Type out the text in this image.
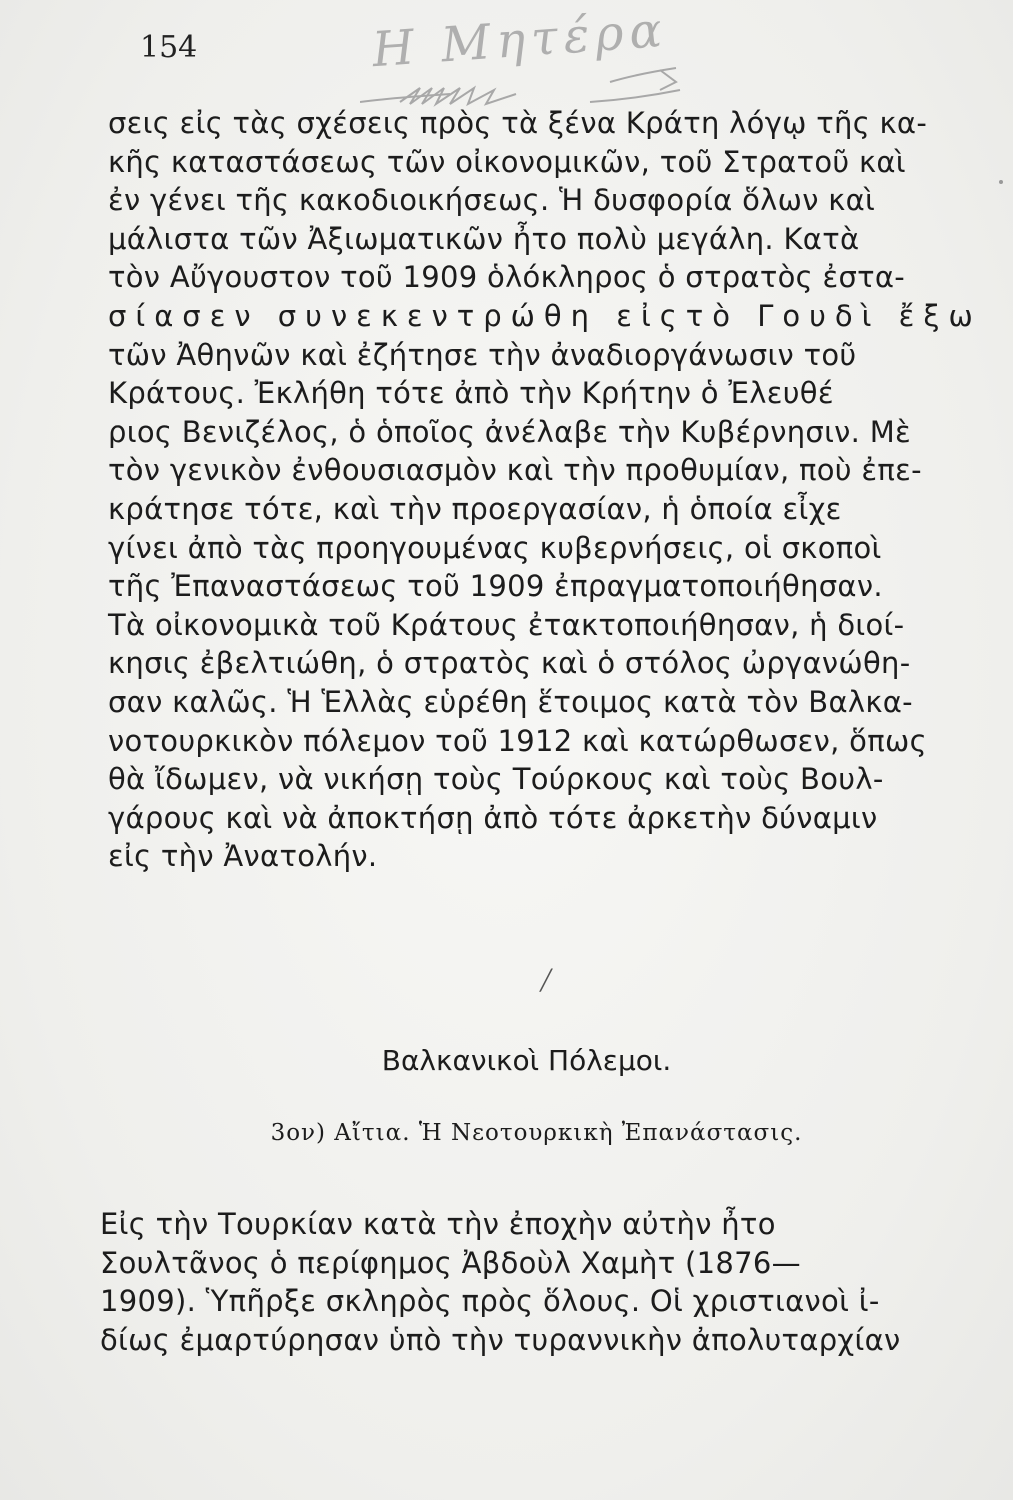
154	Η Μητέρα
σεις εἰς τὰς σχέσεις πρὸς τὰ ξένα Κράτη λόγῳ τῆς κα-
κῆς καταστάσεως τῶν οἰκονομικῶν, τοῦ Στρατοῦ καὶ
ἐν γένει τῆς κακοδιοικήσεως. Ἡ δυσφορία ὅλων καὶ
μάλιστα τῶν Ἀξιωματικῶν ἦτο πολὺ μεγάλη. Κατὰ
τὸν Αὔγουστον τοῦ 1909 ὁλόκληρος ὁ στρατὸς ἐστα-
σίασεν συνεκεντρώθη εἰςτὸ Γουδὶ ἔξω
τῶν Ἀθηνῶν καὶ ἐζήτησε τὴν ἀναδιοργάνωσιν τοῦ
Κράτους. Ἐκλήθη τότε ἀπὸ τὴν Κρήτην ὁ Ἐλευθέ
ριος Βενιζέλος, ὁ ὁποῖος ἀνέλαβε τὴν Κυβέρνησιν. Μὲ
τὸν γενικὸν ἐνθουσιασμὸν καὶ τὴν προθυμίαν, ποὺ ἐπε-
κράτησε τότε, καὶ τὴν προεργασίαν, ἡ ὁποία εἶχε
γίνει ἀπὸ τὰς προηγουμένας κυβερνήσεις, οἱ σκοποὶ
τῆς Ἐπαναστάσεως τοῦ 1909 ἐπραγματοποιήθησαν.
Τὰ οἰκονομικὰ τοῦ Κράτους ἐτακτοποιήθησαν, ἡ διοί-
κησις ἐβελτιώθη, ὁ στρατὸς καὶ ὁ στόλος ὠργανώθη-
σαν καλῶς. Ἡ Ἑλλὰς εὑρέθη ἕτοιμος κατὰ τὸν Βαλκα-
νοτουρκικὸν πόλεμον τοῦ 1912 καὶ κατώρθωσεν, ὅπως
θὰ ἴδωμεν, νὰ νικήσῃ τοὺς Τούρκους καὶ τοὺς Βουλ-
γάρους καὶ νὰ ἀποκτήσῃ ἀπὸ τότε ἀρκετὴν δύναμιν
εἰς τὴν Ἀνατολήν.
╱
Βαλκανικοὶ Πόλεμοι.
3ον) Αἴτια. Ἡ Νεοτουρκικὴ Ἐπανάστασις.
Εἰς τὴν Τουρκίαν κατὰ τὴν ἐποχὴν αὐτὴν ἦτο
Σουλτᾶνος ὁ περίφημος Ἀβδοὺλ Χαμὴτ (1876—
1909). Ὑπῆρξε σκληρὸς πρὸς ὅλους. Οἱ χριστιανοὶ ἰ-
δίως ἐμαρτύρησαν ὑπὸ τὴν τυραννικὴν ἀπολυταρχίαν
